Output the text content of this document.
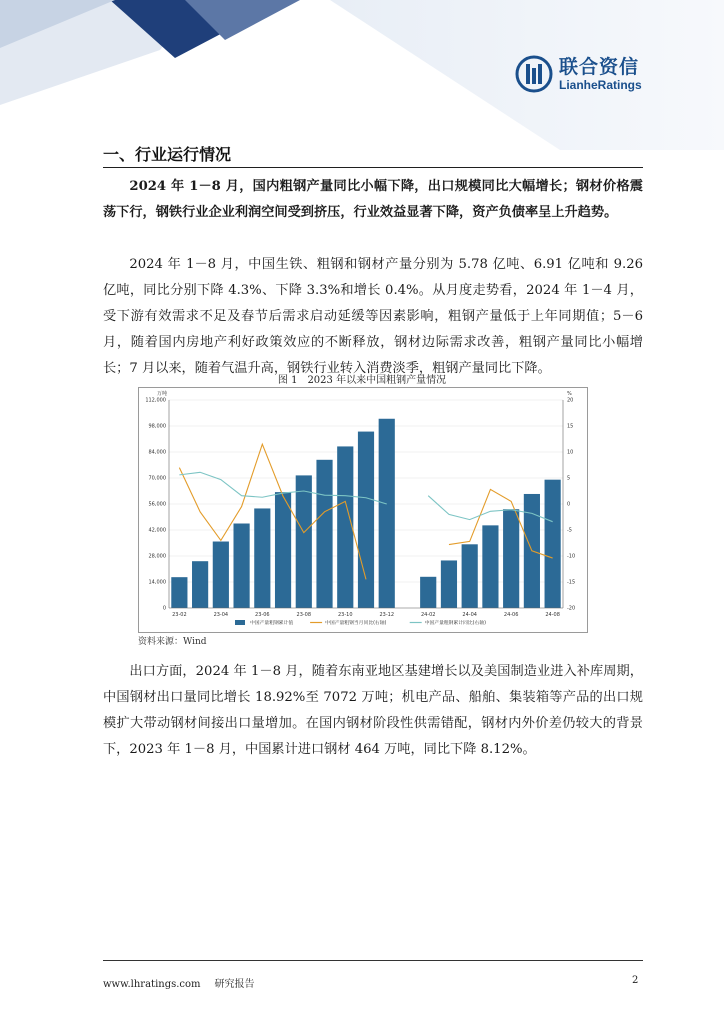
联合资信
LianheRatings
一、行业运行情况

2024 年 1－8 月，国内粗钢产量同比小幅下降，出口规模同比大幅增长；钢材价格震荡下行，钢铁行业企业利润空间受到挤压，行业效益显著下降，资产负债率呈上升趋势。

2024 年 1－8 月，中国生铁、粗钢和钢材产量分别为 5.78 亿吨、6.91 亿吨和 9.26 亿吨，同比分别下降 4.3%、下降 3.3%和增长 0.4%。从月度走势看，2024 年 1－4 月，受下游有效需求不足及春节后需求启动延缓等因素影响，粗钢产量低于上年同期值；5－6 月，随着国内房地产利好政策效应的不断释放，钢材边际需求改善，粗钢产量同比小幅增长；7 月以来，随着气温升高，钢铁行业转入消费淡季，粗钢产量同比下降。

图 1　2023 年以来中国粗钢产量情况
0
14,000
28,000
42,000
56,000
70,000
84,000
98,000
112,000
-20
-15
-10
-5
0
5
10
15
20
万吨	%
23-02	23-04	23-06	23-08	23-10	23-12	24-02	24-04	24-06	24-08
中国产量粗钢累计值	中国产量粗钢当月同比(右轴)	中国产量粗钢累计同比(右轴)
资料来源：Wind

出口方面，2024 年 1－8 月，随着东南亚地区基建增长以及美国制造业进入补库周期，中国钢材出口量同比增长 18.92%至 7072 万吨；机电产品、船舶、集装箱等产品的出口规模扩大带动钢材间接出口量增加。在国内钢材阶段性供需错配，钢材内外价差仍较大的背景下，2023 年 1－8 月，中国累计进口钢材 464 万吨，同比下降 8.12%。

www.lhratings.com 研究报告	2
